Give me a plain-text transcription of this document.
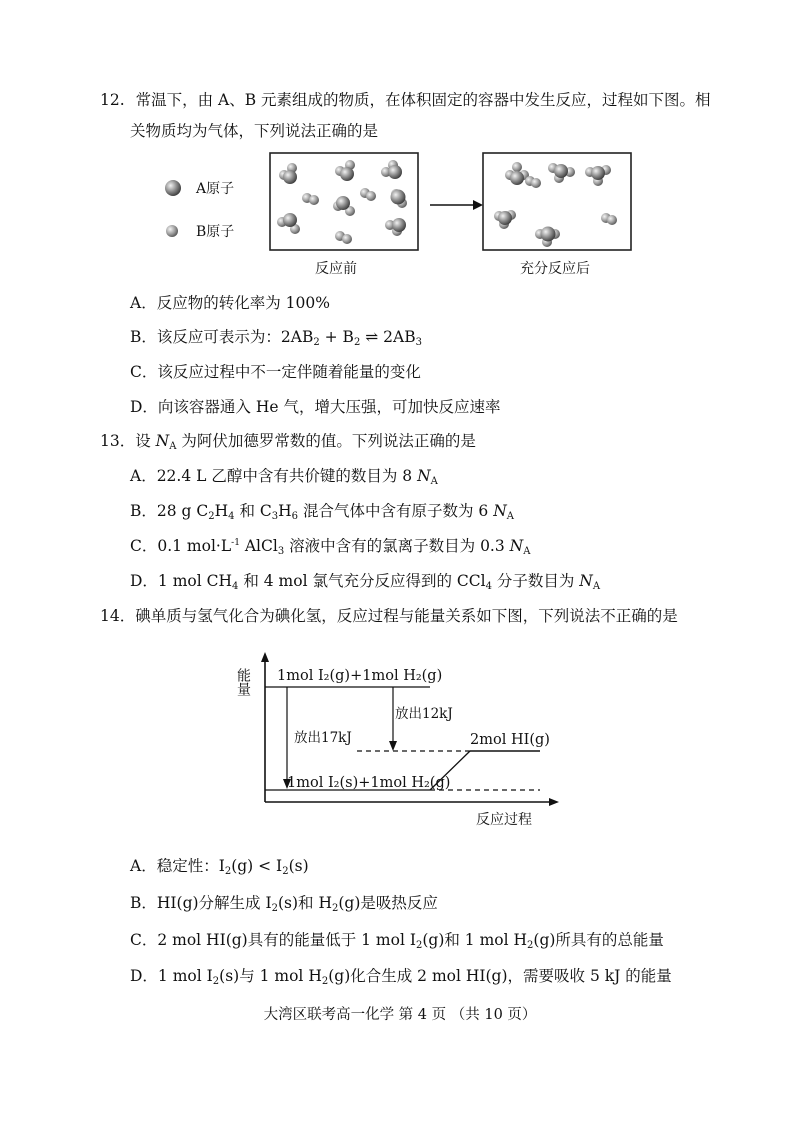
12. 常温下，由 A、B 元素组成的物质，在体积固定的容器中发生反应，过程如下图。相
关物质均为气体，下列说法正确的是
A原子
B原子
反应前	充分反应后
A．反应物的转化率为 100%
B．该反应可表示为：$2AB_2 + B_2$ ⇌ $2AB_3$
C．该反应过程中不一定伴随着能量的变化
D．向该容器通入 He 气，增大压强，可加快反应速率
13．设 $N_A$ 为阿伏加德罗常数的值。下列说法正确的是
A．22.4 L 乙醇中含有共价键的数目为 8 $N_A$
B．28 g $C_2H_4$ 和 $C_3H_6$ 混合气体中含有原子数为 6 $N_A$
C．0.1 $mol\cdot L^{-1}$ AlCl$_3$ 溶液中含有的氯离子数目为 0.3 $N_A$
D．1 mol $CH_4$ 和 4 mol 氯气充分反应得到的 CCl$_4$ 分子数目为 $N_A$
14．碘单质与氢气化合为碘化氢，反应过程与能量关系如下图，下列说法不正确的是
能量 1mol I₂(g)+1mol H₂(g)
放出17kJ
放出12kJ
2mol HI(g)
1mol I₂(s)+1mol H₂(g)
反应过程
A．稳定性：$I_2(g) < I_2(s)$
B．HI(g)分解生成 $I_2(s)$和 $H_2(g)$是吸热反应
C．2 mol HI(g)具有的能量低于 1 mol $I_2(g)$和 1 mol $H_2(g)$所具有的总能量
D．1 mol $I_2(s)$与 1 mol $H_2(g)$化合生成 2 mol HI(g)，需要吸收 5 kJ 的能量
大湾区联考高一化学 第 4 页 （共 10 页）
